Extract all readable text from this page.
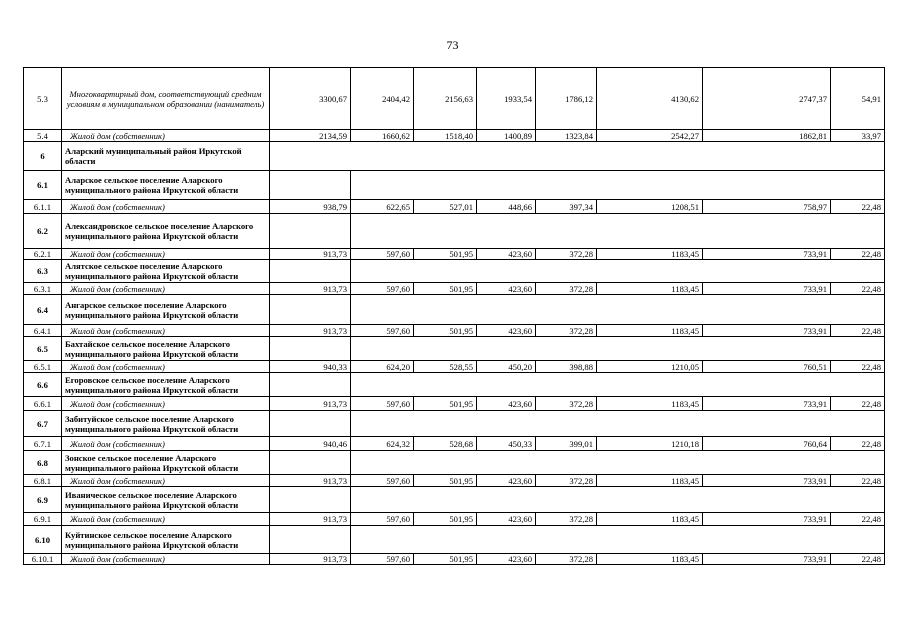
73
5.3	Многоквартирный дом, соответствующий средним условиям в муниципальном образовании (наниматель)	3300,67	2404,42	2156,63	1933,54	1786,12	4130,62	2747,37	54,91
5.4	Жилой дом (собственник)	2134,59	1660,62	1518,40	1400,89	1323,84	2542,27	1862,81	33,97
6	Аларский муниципальный район Иркутской области								
6.1	Аларское сельское поселение Аларского муниципального района Иркутской области								
6.1.1	Жилой дом (собственник)	938,79	622,65	527,01	448,66	397,34	1208,51	758,97	22,48
6.2	Александровское сельское поселение Аларского муниципального района Иркутской области								
6.2.1	Жилой дом (собственник)	913,73	597,60	501,95	423,60	372,28	1183,45	733,91	22,48
6.3	Алятское сельское поселение Аларского муниципального района Иркутской области								
6.3.1	Жилой дом (собственник)	913,73	597,60	501,95	423,60	372,28	1183,45	733,91	22,48
6.4	Ангарское сельское поселение Аларского муниципального района Иркутской области								
6.4.1	Жилой дом (собственник)	913,73	597,60	501,95	423,60	372,28	1183,45	733,91	22,48
6.5	Бахтайское сельское поселение Аларского муниципального района Иркутской области								
6.5.1	Жилой дом (собственник)	940,33	624,20	528,55	450,20	398,88	1210,05	760,51	22,48
6.6	Егоровское сельское поселение Аларского муниципального района Иркутской области								
6.6.1	Жилой дом (собственник)	913,73	597,60	501,95	423,60	372,28	1183,45	733,91	22,48
6.7	Забитуйское сельское поселение Аларского муниципального района Иркутской области								
6.7.1	Жилой дом (собственник)	940,46	624,32	528,68	450,33	399,01	1210,18	760,64	22,48
6.8	Зонское сельское поселение Аларского муниципального района Иркутской области								
6.8.1	Жилой дом (собственник)	913,73	597,60	501,95	423,60	372,28	1183,45	733,91	22,48
6.9	Иваническое сельское поселение Аларского муниципального района Иркутской области								
6.9.1	Жилой дом (собственник)	913,73	597,60	501,95	423,60	372,28	1183,45	733,91	22,48
6.10	Куйтинское сельское поселение Аларского муниципального района Иркутской области								
6.10.1	Жилой дом (собственник)	913,73	597,60	501,95	423,60	372,28	1183,45	733,91	22,48
